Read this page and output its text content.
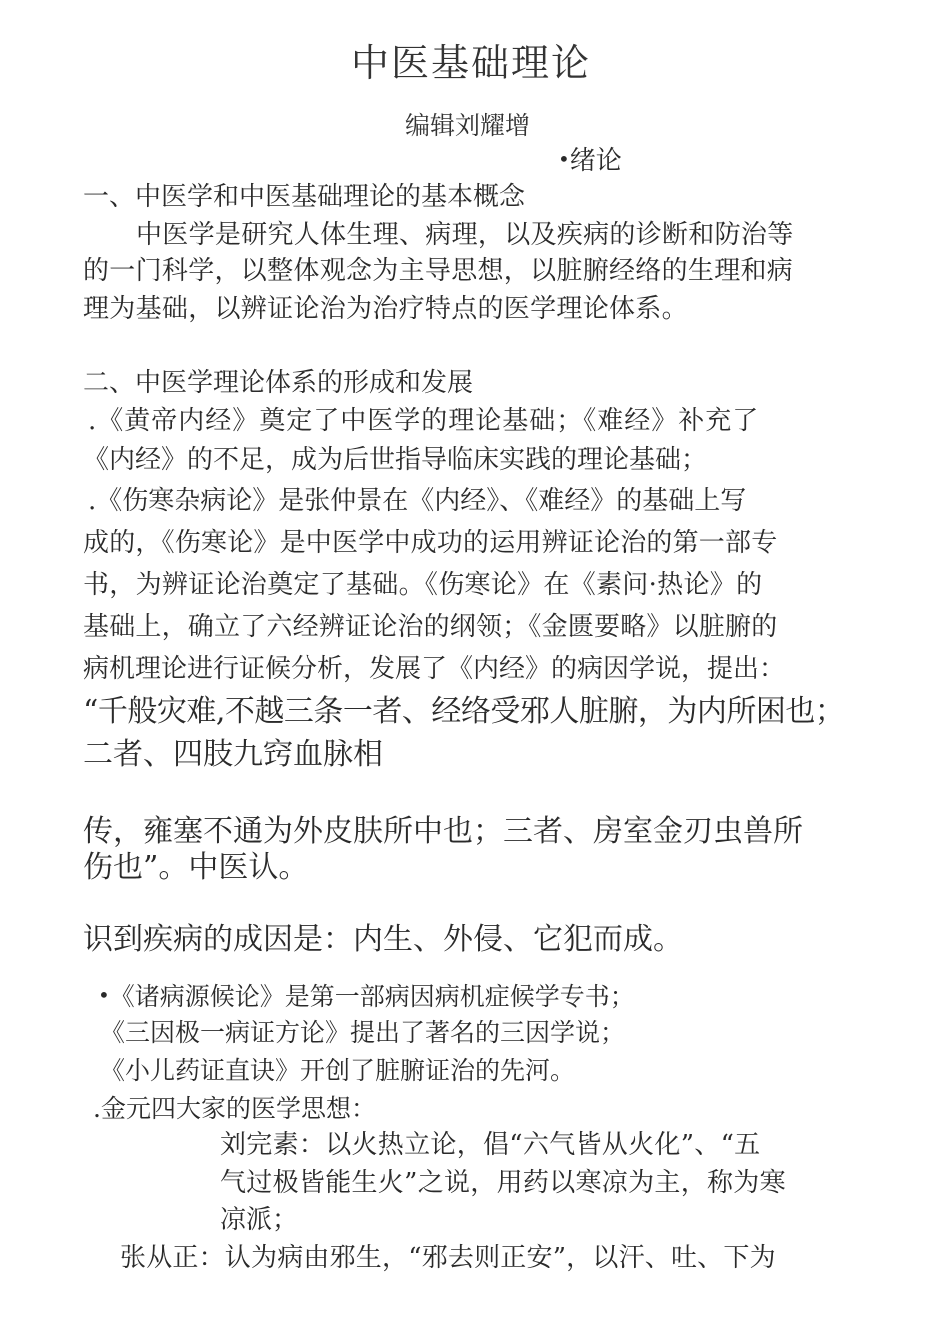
中医基础理论
编辑刘耀增
•绪论
一、中医学和中医基础理论的基本概念
中医学是研究人体生理、病理，以及疾病的诊断和防治等
的一门科学，以整体观念为主导思想，以脏腑经络的生理和病
理为基础，以辨证论治为治疗特点的医学理论体系。
二、中医学理论体系的形成和发展
.《黄帝内经》奠定了中医学的理论基础；《难经》补充了
《内经》的不足，成为后世指导临床实践的理论基础；
.《伤寒杂病论》是张仲景在《内经》、《难经》的基础上写
成的，《伤寒论》是中医学中成功的运用辨证论治的第一部专
书，为辨证论治奠定了基础。《伤寒论》在《素问·热论》的
基础上，确立了六经辨证论治的纲领；《金匮要略》以脏腑的
病机理论进行证候分析，发展了《内经》的病因学说，提出：
“千般灾难,不越三条一者、经络受邪人脏腑，为内所困也；
二者、四肢九窍血脉相
传，雍塞不通为外皮肤所中也；三者、房室金刃虫兽所
伤也”。中医认。
识到疾病的成因是：内生、外侵、它犯而成。
•《诸病源候论》是第一部病因病机症候学专书；
《三因极一病证方论》提出了著名的三因学说；
《小儿药证直诀》开创了脏腑证治的先河。
.金元四大家的医学思想：
刘完素：以火热立论，倡“六气皆从火化”、“五
气过极皆能生火”之说，用药以寒凉为主，称为寒
凉派；
张从正：认为病由邪生，“邪去则正安”，以汗、吐、下为
